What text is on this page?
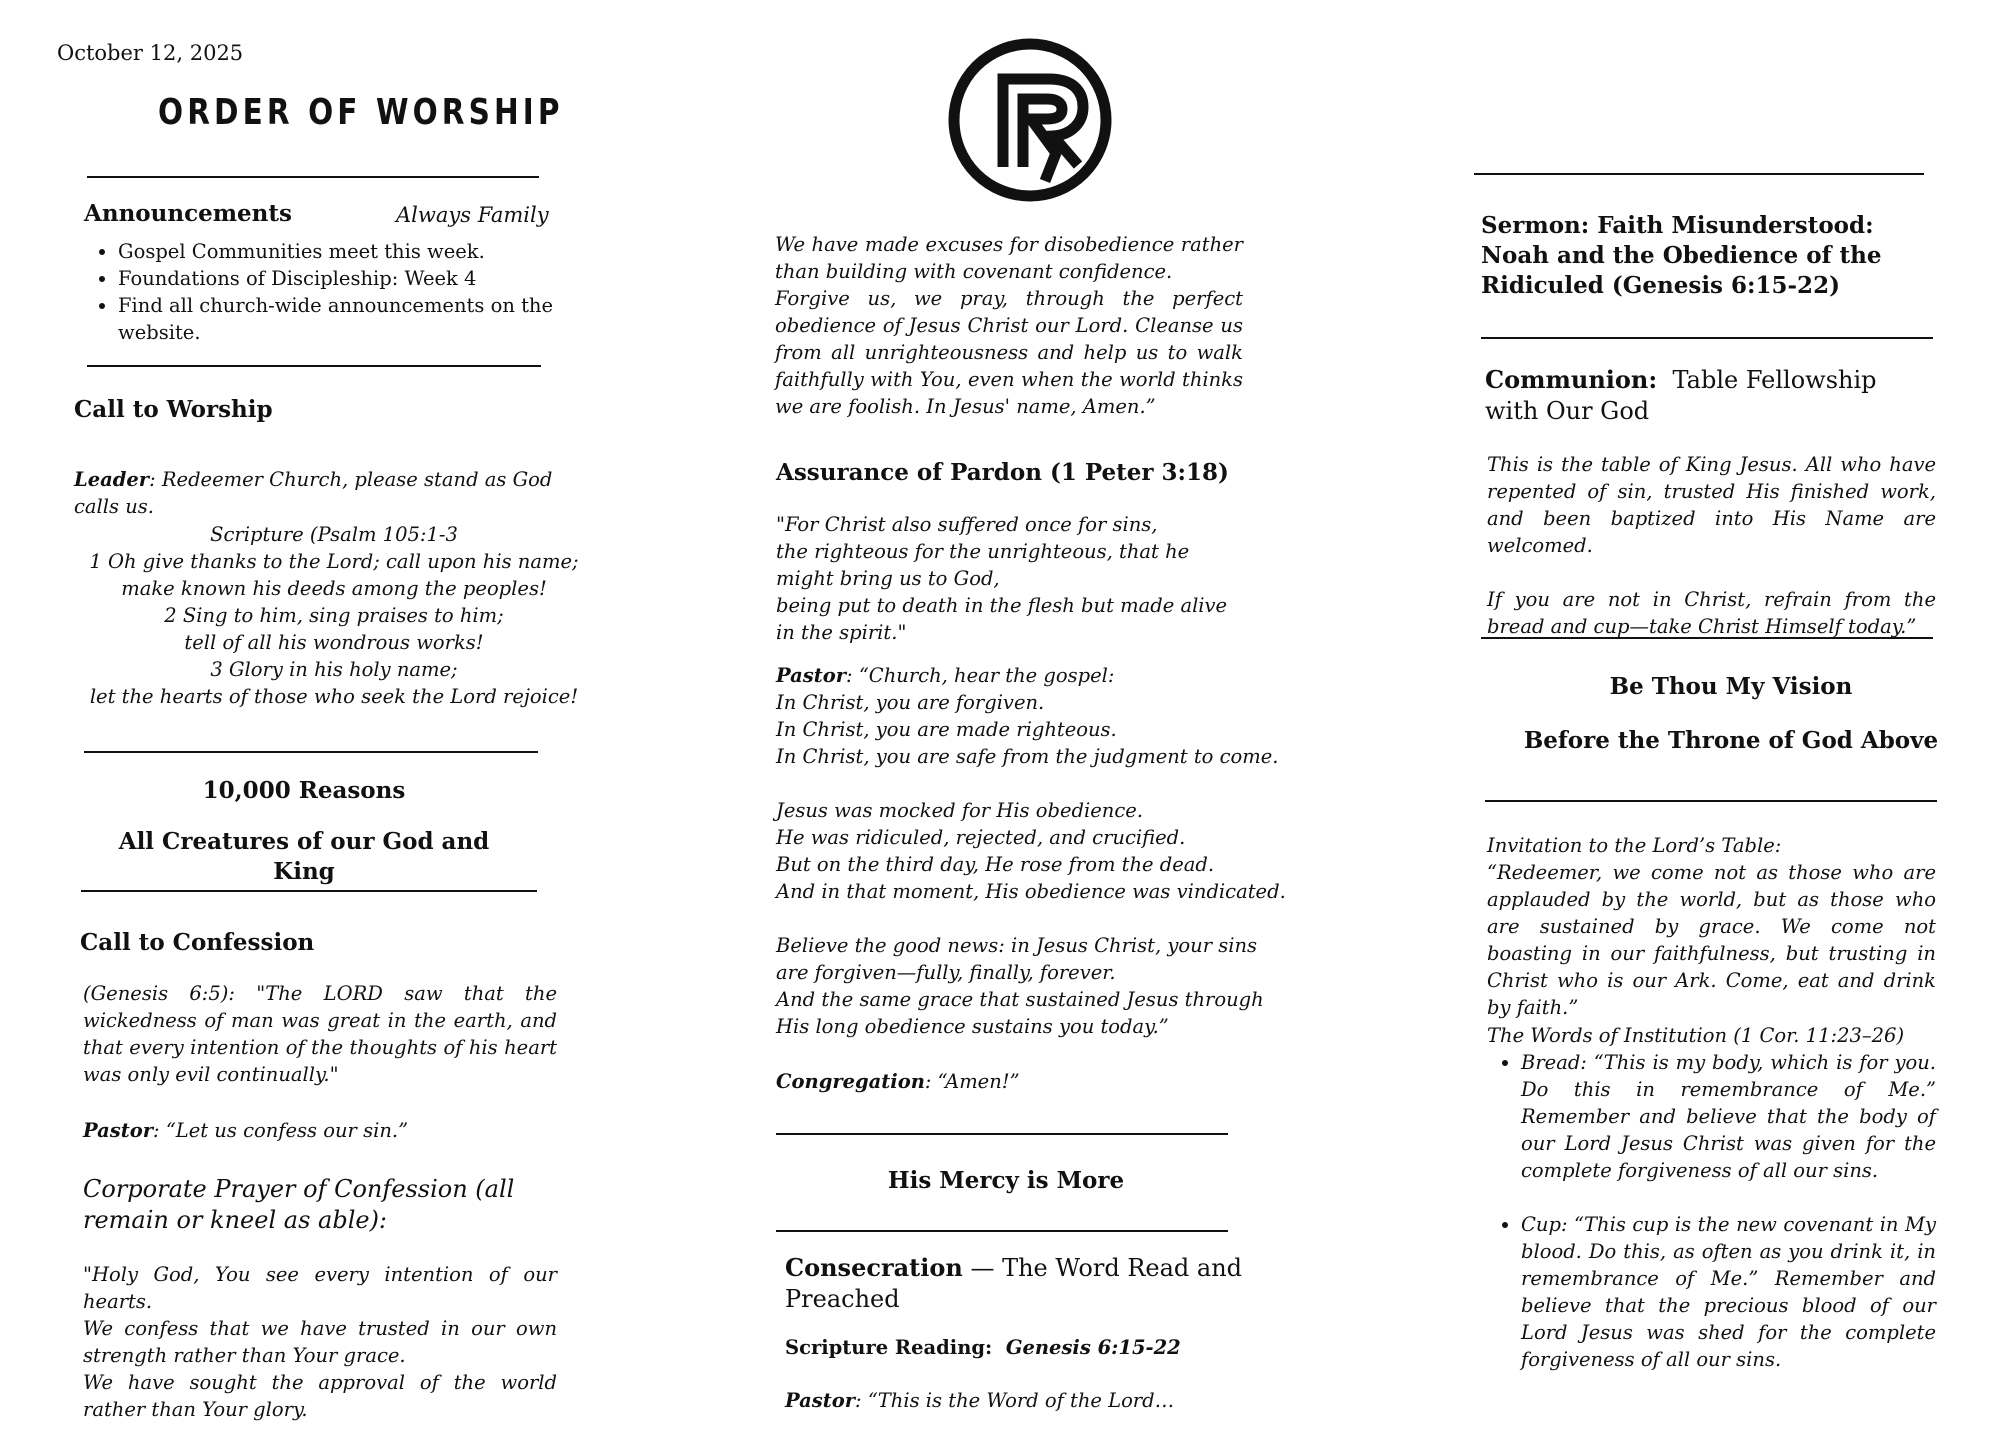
October 12, 2025
ORDER OF WORSHIP
Announcements	Always Family
• Gospel Communities meet this week.
• Foundations of Discipleship: Week 4
• Find all church-wide announcements on the website.
Call to Worship
Leader: Redeemer Church, please stand as God calls us.
Scripture (Psalm 105:1-3
1 Oh give thanks to the Lord; call upon his name;
make known his deeds among the peoples!
2 Sing to him, sing praises to him;
tell of all his wondrous works!
3 Glory in his holy name;
let the hearts of those who seek the Lord rejoice!
10,000 Reasons
All Creatures of our God and King
Call to Confession
(Genesis 6:5): "The LORD saw that the wickedness of man was great in the earth, and that every intention of the thoughts of his heart was only evil continually."
Pastor: “Let us confess our sin.”
Corporate Prayer of Confession (all remain or kneel as able):
"Holy God, You see every intention of our hearts.
We confess that we have trusted in our own strength rather than Your grace.
We have sought the approval of the world rather than Your glory.
We have made excuses for disobedience rather than building with covenant confidence.
Forgive us, we pray, through the perfect obedience of Jesus Christ our Lord. Cleanse us from all unrighteousness and help us to walk faithfully with You, even when the world thinks we are foolish. In Jesus' name, Amen.”
Assurance of Pardon (1 Peter 3:18)
"For Christ also suffered once for sins,
the righteous for the unrighteous, that he might bring us to God,
being put to death in the flesh but made alive in the spirit."
Pastor: “Church, hear the gospel:
In Christ, you are forgiven.
In Christ, you are made righteous.
In Christ, you are safe from the judgment to come.
Jesus was mocked for His obedience.
He was ridiculed, rejected, and crucified.
But on the third day, He rose from the dead.
And in that moment, His obedience was vindicated.
Believe the good news: in Jesus Christ, your sins are forgiven—fully, finally, forever.
And the same grace that sustained Jesus through His long obedience sustains you today.”
Congregation: “Amen!”
His Mercy is More
Consecration — The Word Read and Preached
Scripture Reading: Genesis 6:15-22
Pastor: “This is the Word of the Lord…
Sermon: Faith Misunderstood: Noah and the Obedience of the Ridiculed (Genesis 6:15-22)
Communion: Table Fellowship with Our God
This is the table of King Jesus. All who have repented of sin, trusted His finished work, and been baptized into His Name are welcomed.
If you are not in Christ, refrain from the bread and cup—take Christ Himself today.”
Be Thou My Vision
Before the Throne of God Above
Invitation to the Lord’s Table:
“Redeemer, we come not as those who are applauded by the world, but as those who are sustained by grace. We come not boasting in our faithfulness, but trusting in Christ who is our Ark. Come, eat and drink by faith.”
The Words of Institution (1 Cor. 11:23–26)
• Bread: “This is my body, which is for you. Do this in remembrance of Me.” Remember and believe that the body of our Lord Jesus Christ was given for the complete forgiveness of all our sins.
• Cup: “This cup is the new covenant in My blood. Do this, as often as you drink it, in remembrance of Me.” Remember and believe that the precious blood of our Lord Jesus was shed for the complete forgiveness of all our sins.
